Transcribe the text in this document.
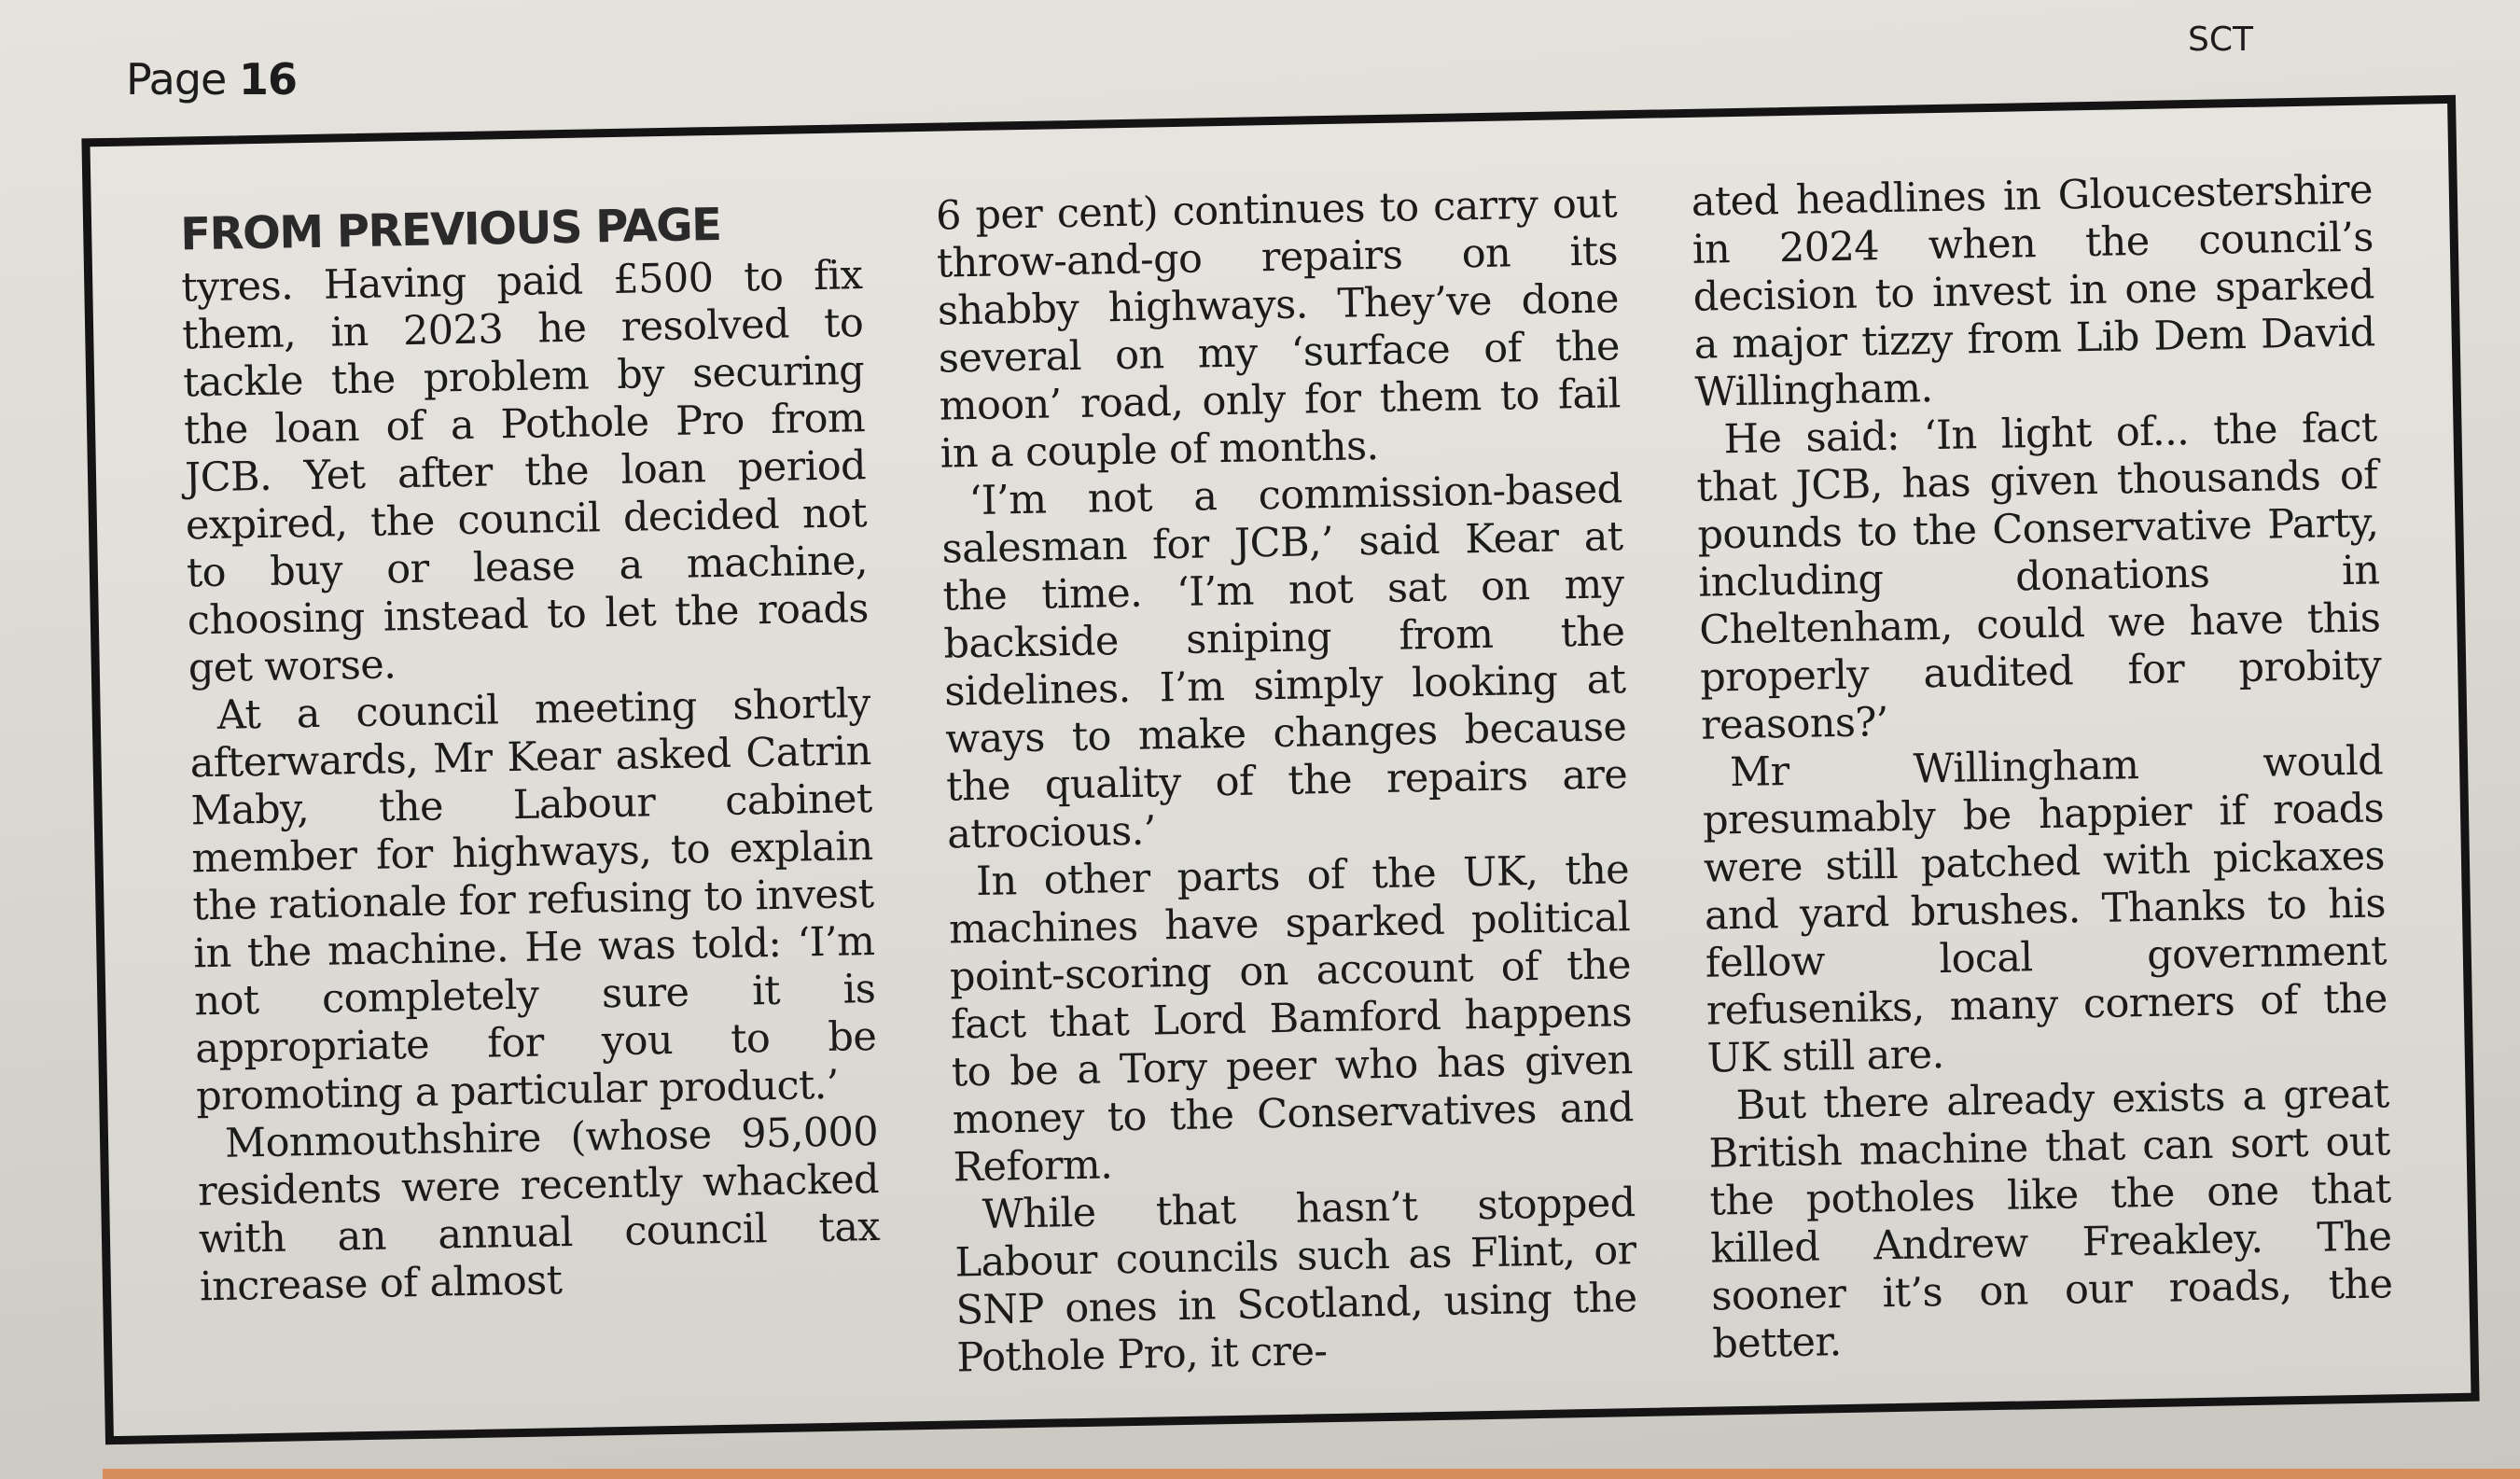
Page 16
SCT
FROM PREVIOUS PAGE

tyres. Having paid £500 to fix them, in 2023 he resolved to tackle the problem by securing the loan of a Pothole Pro from JCB. Yet after the loan period expired, the council decided not to buy or lease a machine, choosing instead to let the roads get worse.

At a council meeting shortly afterwards, Mr Kear asked Catrin Maby, the Labour cabinet member for highways, to explain the rationale for refusing to invest in the machine. He was told: ‘I’m not completely sure it is appropriate for you to be promoting a particular product.’

Monmouthshire (whose 95,000 residents were recently whacked with an annual council tax increase of almost

6 per cent) continues to carry out throw-and-go repairs on its shabby highways. They’ve done several on my ‘surface of the moon’ road, only for them to fail in a couple of months.

‘I’m not a commission-based salesman for JCB,’ said Kear at the time. ‘I’m not sat on my backside sniping from the sidelines. I’m simply looking at ways to make changes because the quality of the repairs are atrocious.’

In other parts of the UK, the machines have sparked political point-scoring on account of the fact that Lord Bamford happens to be a Tory peer who has given money to the Conservatives and Reform.

While that hasn’t stopped Labour councils such as Flint, or SNP ones in Scotland, using the Pothole Pro, it cre-

ated headlines in Gloucestershire in 2024 when the council’s decision to invest in one sparked a major tizzy from Lib Dem David Willingham.

He said: ‘In light of... the fact that JCB, has given thousands of pounds to the Conservative Party, including donations in Cheltenham, could we have this properly audited for probity reasons?’

Mr Willingham would presumably be happier if roads were still patched with pickaxes and yard brushes. Thanks to his fellow local government refuseniks, many corners of the UK still are.

But there already exists a great British machine that can sort out the potholes like the one that killed Andrew Freakley. The sooner it’s on our roads, the better.
